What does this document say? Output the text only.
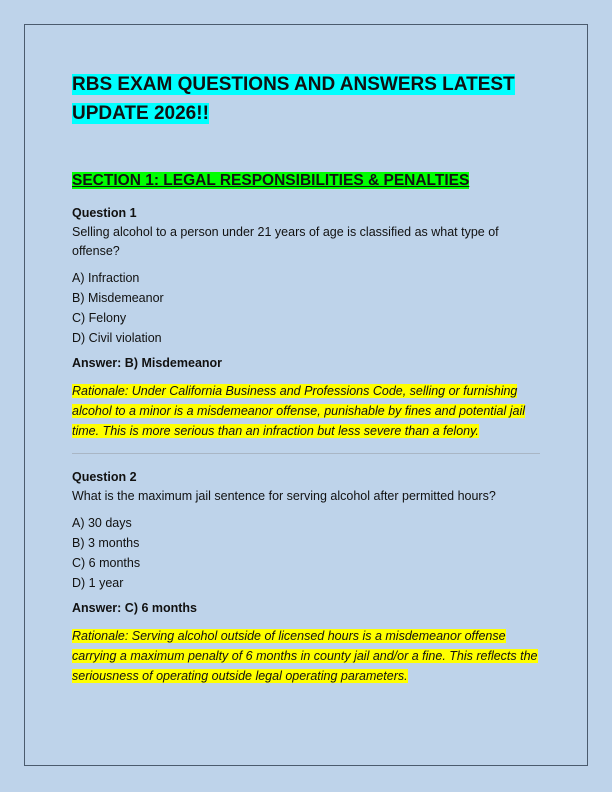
RBS EXAM QUESTIONS AND ANSWERS LATEST UPDATE 2026!!
SECTION 1: LEGAL RESPONSIBILITIES & PENALTIES
Question 1
Selling alcohol to a person under 21 years of age is classified as what type of offense?
A) Infraction
B) Misdemeanor
C) Felony
D) Civil violation
Answer: B) Misdemeanor
Rationale: Under California Business and Professions Code, selling or furnishing alcohol to a minor is a misdemeanor offense, punishable by fines and potential jail time. This is more serious than an infraction but less severe than a felony.
Question 2
What is the maximum jail sentence for serving alcohol after permitted hours?
A) 30 days
B) 3 months
C) 6 months
D) 1 year
Answer: C) 6 months
Rationale: Serving alcohol outside of licensed hours is a misdemeanor offense carrying a maximum penalty of 6 months in county jail and/or a fine. This reflects the seriousness of operating outside legal operating parameters.
